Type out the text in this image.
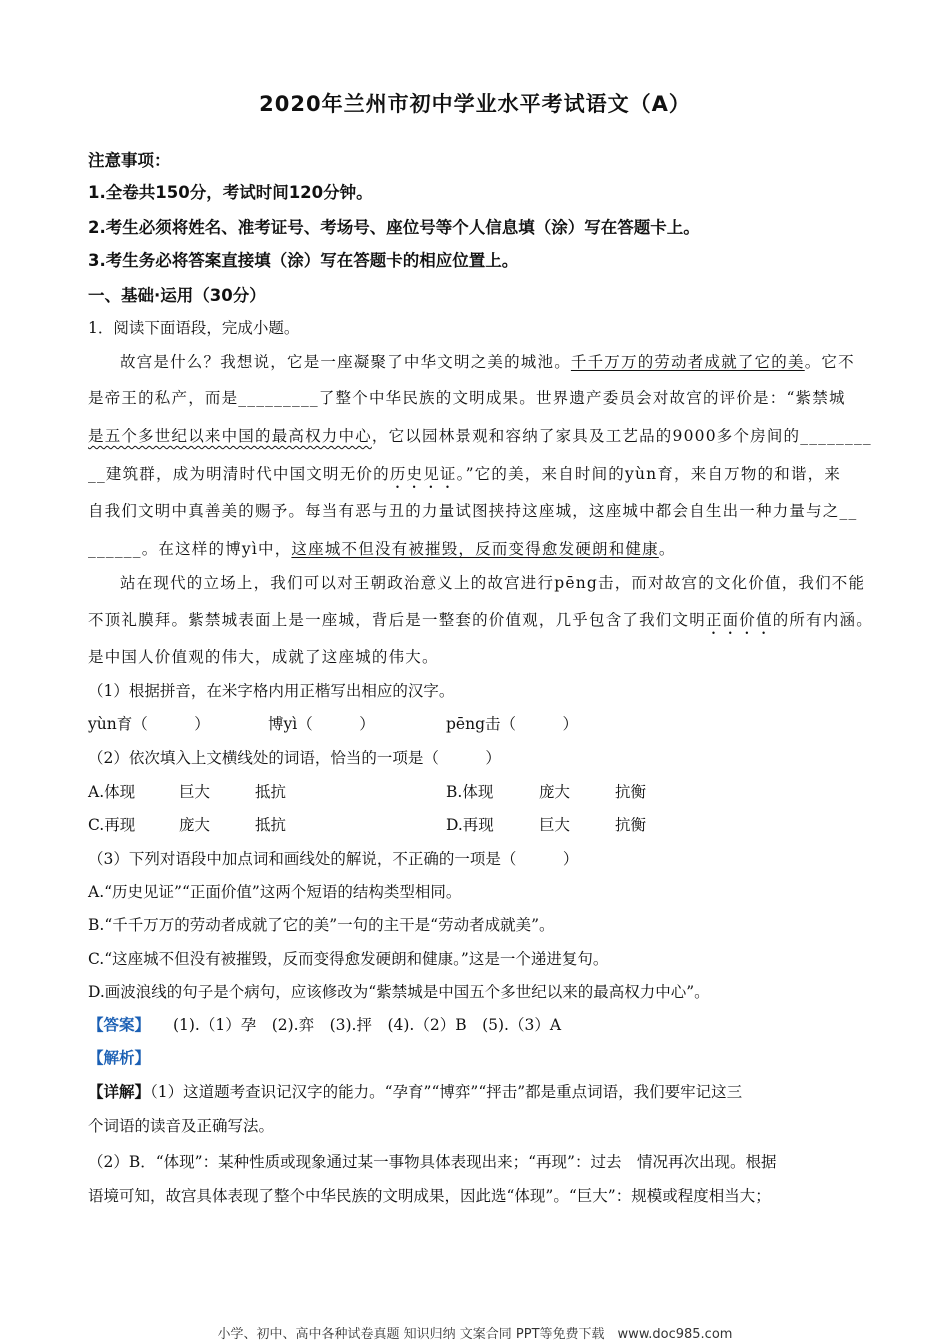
2020年兰州市初中学业水平考试语文（A）
注意事项：
1.全卷共150分，考试时间120分钟。
2.考生必须将姓名、准考证号、考场号、座位号等个人信息填（涂）写在答题卡上。
3.考生务必将答案直接填（涂）写在答题卡的相应位置上。
一、基础·运用（30分）
1．阅读下面语段，完成小题。
故宫是什么？我想说，它是一座凝聚了中华文明之美的城池。千千万万的劳动者成就了它的美。它不
是帝王的私产，而是_________了整个中华民族的文明成果。世界遗产委员会对故宫的评价是：“紫禁城
是五个多世纪以来中国的最高权力中心，它以园林景观和容纳了家具及工艺品的9000多个房间的________
__建筑群，成为明清时代中国文明无价的历史见证。”它的美，来自时间的yùn育，来自万物的和谐，来
自我们文明中真善美的赐予。每当有恶与丑的力量试图挟持这座城，这座城中都会自生出一种力量与之__
______。在这样的博yì中，这座城不但没有被摧毁，反而变得愈发硬朗和健康。
站在现代的立场上，我们可以对王朝政治意义上的故宫进行pēng击，而对故宫的文化价值，我们不能
不顶礼膜拜。紫禁城表面上是一座城，背后是一整套的价值观，几乎包含了我们文明正面价值的所有内涵。
是中国人价值观的伟大，成就了这座城的伟大。
（1）根据拼音，在米字格内用正楷写出相应的汉字。
yùn育（　　　）	博yì（　　　）	pēng击（　　　）
（2）依次填入上文横线处的词语，恰当的一项是（　　　）
A.体现	巨大	抵抗	B.体现	庞大	抗衡
C.再现	庞大	抵抗	D.再现	巨大	抗衡
（3）下列对语段中加点词和画线处的解说，不正确的一项是（　　　）
A.“历史见证”“正面价值”这两个短语的结构类型相同。
B.“千千万万的劳动者成就了它的美”一句的主干是“劳动者成就美”。
C.“这座城不但没有被摧毁，反而变得愈发硬朗和健康。”这是一个递进复句。
D.画波浪线的句子是个病句，应该修改为“紫禁城是中国五个多世纪以来的最高权力中心”。
【答案】 (1).（1）孕　(2).弈　(3).抨　(4).（2）B　(5).（3）A
【解析】
【详解】（1）这道题考查识记汉字的能力。“孕育”“博弈”“抨击”都是重点词语，我们要牢记这三
个词语的读音及正确写法。
（2）B．“体现”：某种性质或现象通过某一事物具体表现出来；“再现”：过去　情况再次出现。根据
语境可知，故宫具体表现了整个中华民族的文明成果，因此选“体现”。“巨大”：规模或程度相当大；
小学、初中、高中各种试卷真题 知识归纳 文案合同 PPT等免费下载　www.doc985.com
